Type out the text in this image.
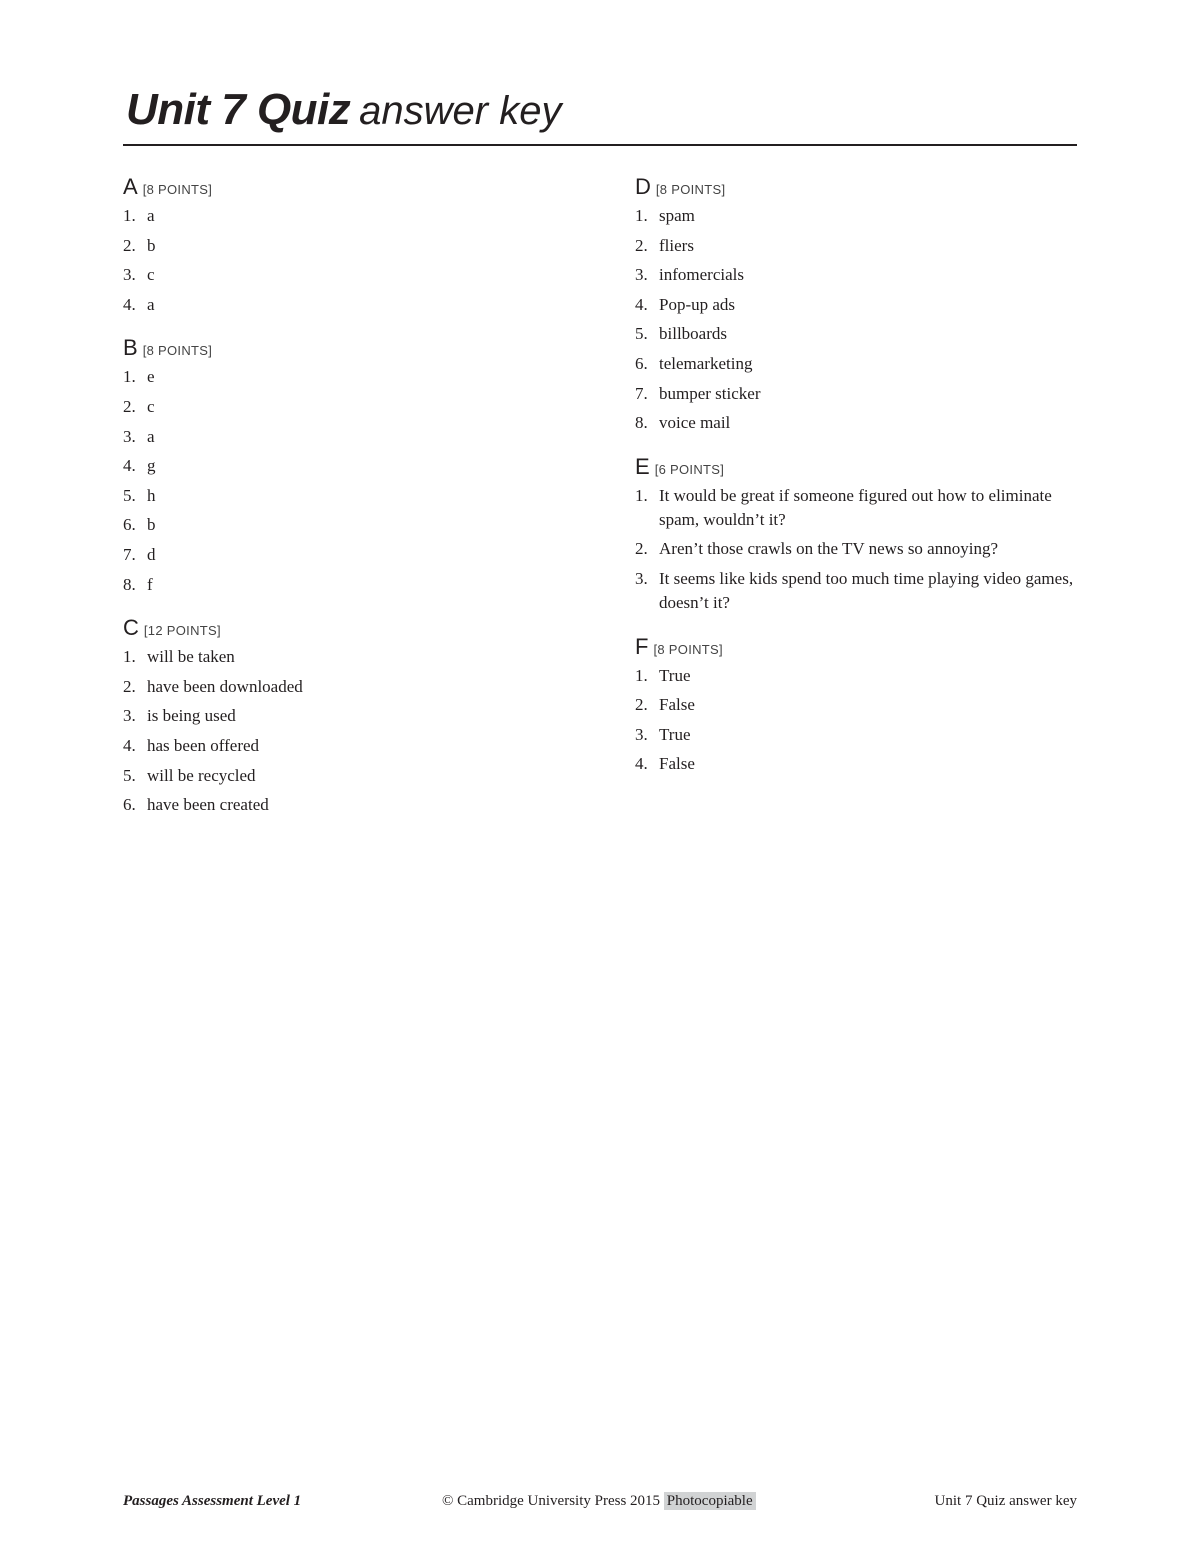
Unit 7 Quiz answer key
A [8 POINTS]
1. a
2. b
3. c
4. a
B [8 POINTS]
1. e
2. c
3. a
4. g
5. h
6. b
7. d
8. f
C [12 POINTS]
1. will be taken
2. have been downloaded
3. is being used
4. has been offered
5. will be recycled
6. have been created
D [8 POINTS]
1. spam
2. fliers
3. infomercials
4. Pop-up ads
5. billboards
6. telemarketing
7. bumper sticker
8. voice mail
E [6 POINTS]
1. It would be great if someone figured out how to eliminate spam, wouldn’t it?
2. Aren’t those crawls on the TV news so annoying?
3. It seems like kids spend too much time playing video games, doesn’t it?
F [8 POINTS]
1. True
2. False
3. True
4. False
Passages Assessment Level 1	© Cambridge University Press 2015 Photocopiable	Unit 7 Quiz answer key
